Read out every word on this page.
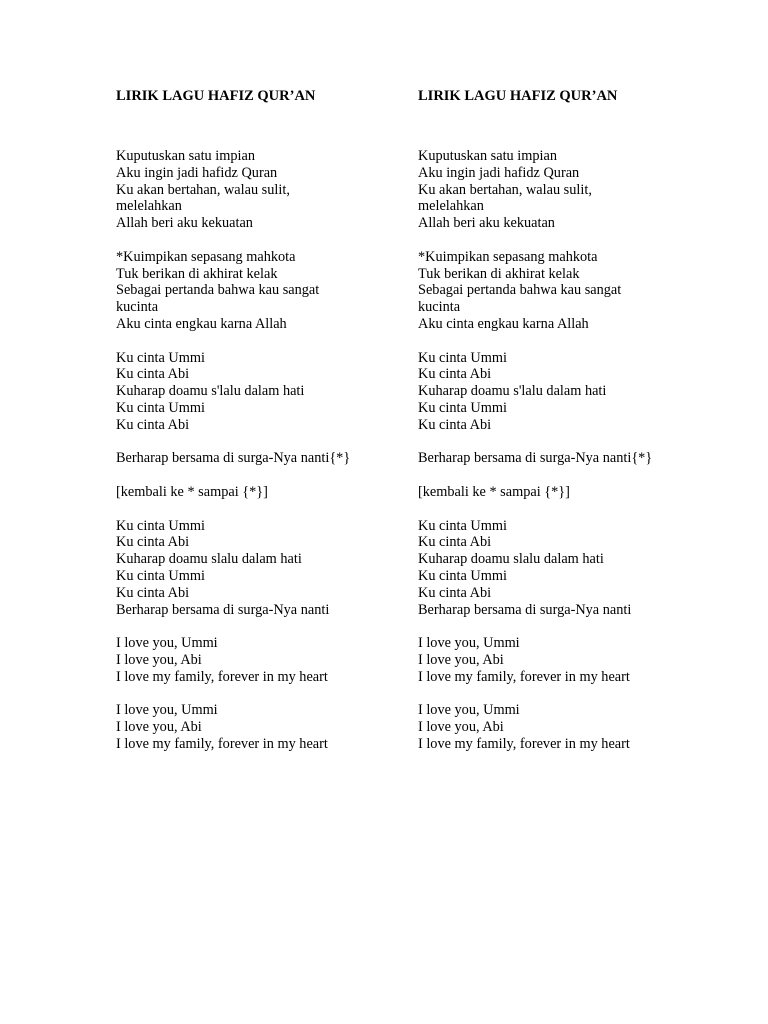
LIRIK LAGU HAFIZ QUR’AN
Kuputuskan satu impian
Aku ingin jadi hafidz Quran
Ku akan bertahan, walau sulit,
melelahkan
Allah beri aku kekuatan
*Kuimpikan sepasang mahkota
Tuk berikan di akhirat kelak
Sebagai pertanda bahwa kau sangat
kucinta
Aku cinta engkau karna Allah
Ku cinta Ummi
Ku cinta Abi
Kuharap doamu s'lalu dalam hati
Ku cinta Ummi
Ku cinta Abi
Berharap bersama di surga-Nya nanti{*}
[kembali ke * sampai {*}]
Ku cinta Ummi
Ku cinta Abi
Kuharap doamu slalu dalam hati
Ku cinta Ummi
Ku cinta Abi
Berharap bersama di surga-Nya nanti
I love you, Ummi
I love you, Abi
I love my family, forever in my heart
I love you, Ummi
I love you, Abi
I love my family, forever in my heart
LIRIK LAGU HAFIZ QUR’AN
Kuputuskan satu impian
Aku ingin jadi hafidz Quran
Ku akan bertahan, walau sulit,
melelahkan
Allah beri aku kekuatan
*Kuimpikan sepasang mahkota
Tuk berikan di akhirat kelak
Sebagai pertanda bahwa kau sangat
kucinta
Aku cinta engkau karna Allah
Ku cinta Ummi
Ku cinta Abi
Kuharap doamu s'lalu dalam hati
Ku cinta Ummi
Ku cinta Abi
Berharap bersama di surga-Nya nanti{*}
[kembali ke * sampai {*}]
Ku cinta Ummi
Ku cinta Abi
Kuharap doamu slalu dalam hati
Ku cinta Ummi
Ku cinta Abi
Berharap bersama di surga-Nya nanti
I love you, Ummi
I love you, Abi
I love my family, forever in my heart
I love you, Ummi
I love you, Abi
I love my family, forever in my heart
